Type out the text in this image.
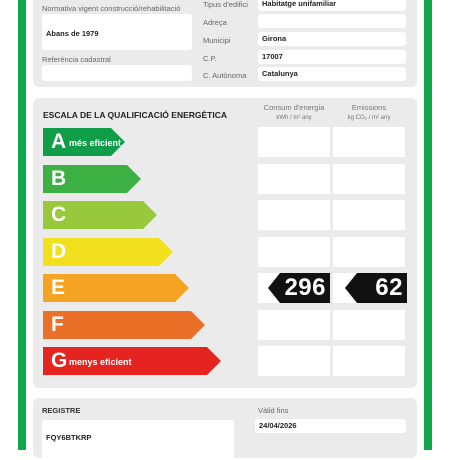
Normativa vigent construcció/rehabilitació
Abans de 1979
Referència cadastral
Tipus d'edifici Habitatge unifamiliar
Adreça
Municipi	Girona
C.P.	17007
C. Autònoma Catalunya
ESCALA DE LA QUALIFICACIÓ ENERGÈTICA
Consum d'energia
kWh / m² any
Emissions
kg CO₂ / m² any
A més eficient
B
C
D
E	296 62
F
G menys eficient
REGISTRE
FQY6BTKRP
Vàlid fins
24/04/2026
